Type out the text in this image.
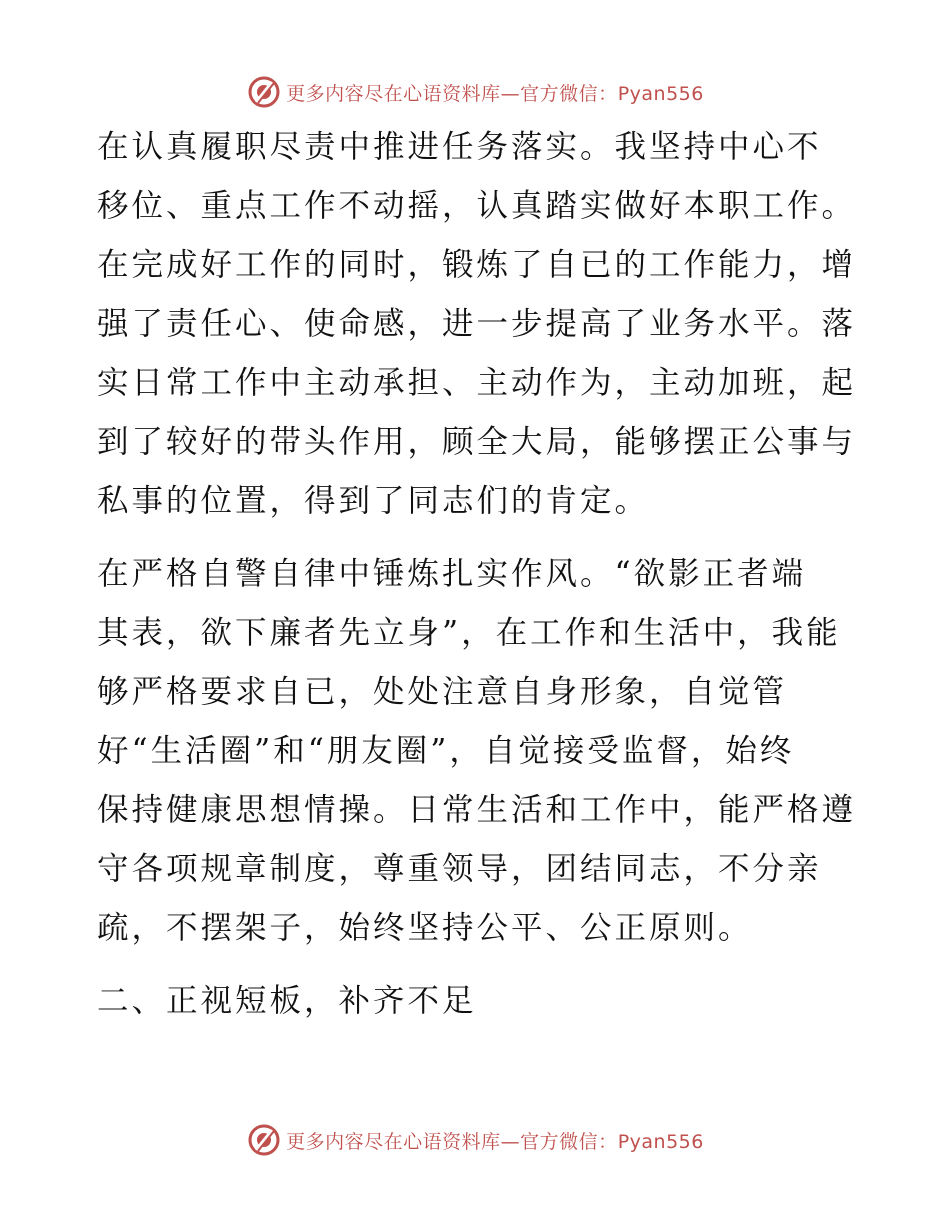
更多内容尽在心语资料库—官方微信：Pyan556

在认真履职尽责中推进任务落实。我坚持中心不
移位、重点工作不动摇，认真踏实做好本职工作。
在完成好工作的同时，锻炼了自已的工作能力，增
强了责任心、使命感，进一步提高了业务水平。落
实日常工作中主动承担、主动作为，主动加班，起
到了较好的带头作用，顾全大局，能够摆正公事与
私事的位置，得到了同志们的肯定。

在严格自警自律中锤炼扎实作风。“欲影正者端
其表，欲下廉者先立身”，在工作和生活中，我能
够严格要求自已，处处注意自身形象，自觉管
好“生活圈”和“朋友圈”，自觉接受监督，始终
保持健康思想情操。日常生活和工作中，能严格遵
守各项规章制度，尊重领导，团结同志，不分亲
疏，不摆架子，始终坚持公平、公正原则。

二、正视短板，补齐不足

更多内容尽在心语资料库—官方微信：Pyan556
